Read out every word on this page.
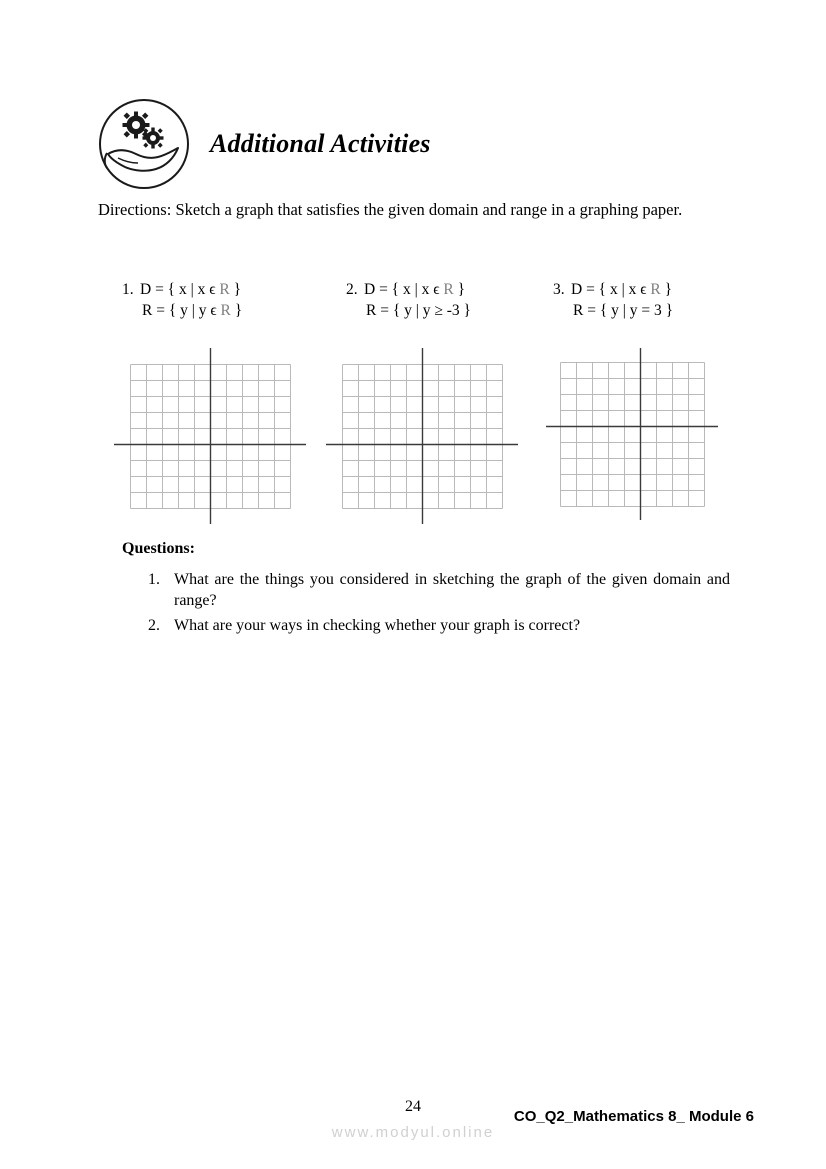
Additional Activities
Directions: Sketch a graph that satisfies the given domain and range in a graphing paper.
1. D = { x | x ϵ R }
R = { y | y ϵ R }
2. D = { x | x ϵ R }
R = { y | y ≥ -3 }
3. D = { x | x ϵ R }
R = { y | y = 3 }
Questions:
1. What are the things you considered in sketching the graph of the given domain and range?
2. What are your ways in checking whether your graph is correct?
24
CO_Q2_Mathematics 8_ Module 6
www.modyul.online
